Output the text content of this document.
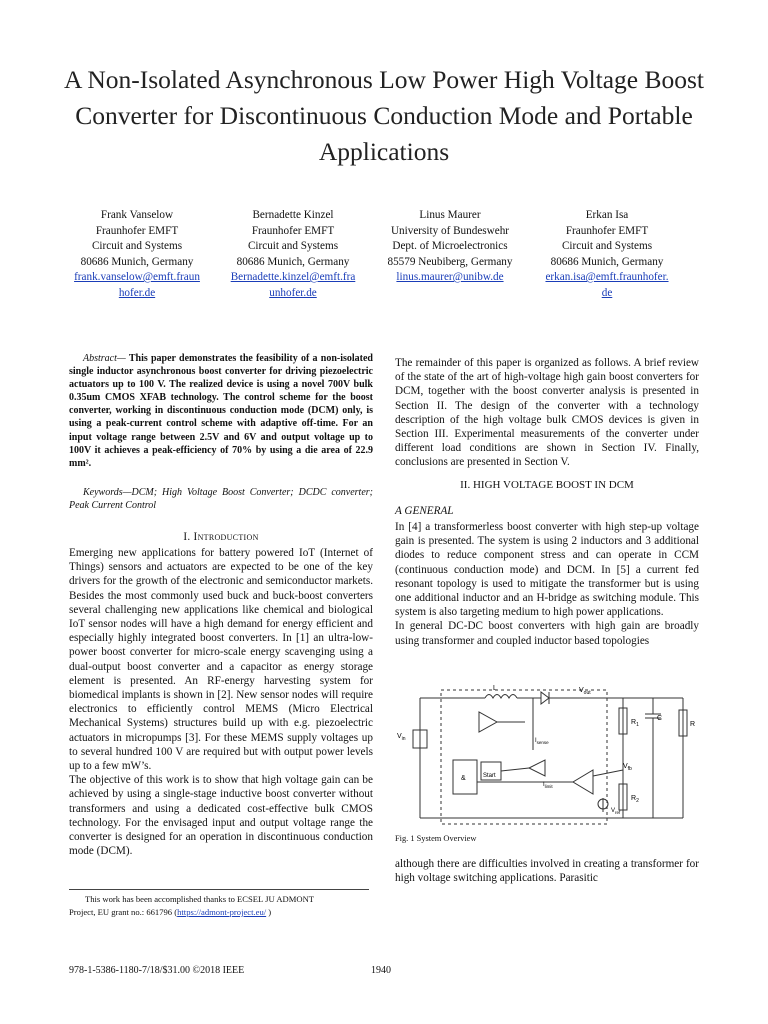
A Non-Isolated Asynchronous Low Power High Voltage Boost Converter for Discontinuous Conduction Mode and Portable Applications
Frank Vanselow
Fraunhofer EMFT
Circuit and Systems
80686 Munich, Germany
frank.vanselow@emft.fraun
hofer.de
Bernadette Kinzel
Fraunhofer EMFT
Circuit and Systems
80686 Munich, Germany
Bernadette.kinzel@emft.fra
unhofer.de
Linus Maurer
University of Bundeswehr
Dept. of Microelectronics
85579 Neubiberg, Germany
linus.maurer@unibw.de
Erkan Isa
Fraunhofer EMFT
Circuit and Systems
80686 Munich, Germany
erkan.isa@emft.fraunhofer.
de
Abstract— This paper demonstrates the feasibility of a non-isolated single inductor asynchronous boost converter for driving piezoelectric actuators up to 100 V. The realized device is using a novel 700V bulk 0.35um CMOS XFAB technology. The control scheme for the boost converter, working in discontinuous conduction mode (DCM) only, is using a peak-current control scheme with adaptive off-time. For an input voltage range between 2.5V and 6V and output voltage up to 100V it achieves a peak-efficiency of 70% by using a die area of 22.9 mm².
Keywords—DCM; High Voltage Boost Converter; DCDC converter; Peak Current Control
I. Introduction

Emerging new applications for battery powered IoT (Internet of Things) sensors and actuators are expected to be one of the key drivers for the growth of the electronic and semiconductor markets. Besides the most commonly used buck and buck-boost converters several challenging new applications like chemical and biological IoT sensor nodes will have a high demand for energy efficient and especially highly integrated boost converters. In [1] an ultra-low-power boost converter for micro-scale energy scavenging using a dual-output boost converter and a capacitor as energy storage element is presented. An RF-energy harvesting system for biomedical implants is shown in [2]. New sensor nodes will require electronics to efficiently control MEMS (Micro Electrical Mechanical Systems) structures build up with e.g. piezoelectric actuators in micropumps [3]. For these MEMS supply voltages up to several hundred 100 V are required but with output power levels up to a few mW’s.

The objective of this work is to show that high voltage gain can be achieved by using a single-stage inductive boost converter without transformers and using a dedicated cost-effective bulk CMOS technology. For the envisaged input and output voltage range the converter is designed for an operation in discontinuous conduction mode (DCM).

This work has been accomplished thanks to ECSEL JU ADMONT
Project, EU grant no.: 661796 (https://admont-project.eu/ )
978-1-5386-1180-7/18/$31.00 ©2018 IEEE	1940
The remainder of this paper is organized as follows. A brief review of the state of the art of high-voltage high gain boost converters for DCM, together with the boost converter analysis is presented in Section II. The design of the converter with a technology description of the high voltage bulk CMOS devices is given in Section III. Experimental measurements of the converter under different load conditions are shown in Section IV. Finally, conclusions are presented in Section V.
II. HIGH VOLTAGE BOOST IN DCM
A GENERAL

In [4] a transformerless boost converter with high step-up voltage gain is presented. The system is using 2 inductors and 3 additional diodes to reduce component stress and can operate in CCM (continuous conduction mode) and DCM. In [5] a current fed resonant topology is used to mitigate the transformer but is using one additional inductor and an H-bridge as switching module. This system is also targeting medium to high power applications.

In general DC-DC boost converters with high gain are broadly using transformer and coupled inductor based topologies

L	$V_{out}$
$V_{in}$
$R_1$
$R_2$
C
R
$I_{sense}$
$V_{fb}$
$I_{limit}$
$V_{ref}$
Start
&
Fig. 1 System Overview
although there are difficulties involved in creating a transformer for high voltage switching applications. Parasitic
